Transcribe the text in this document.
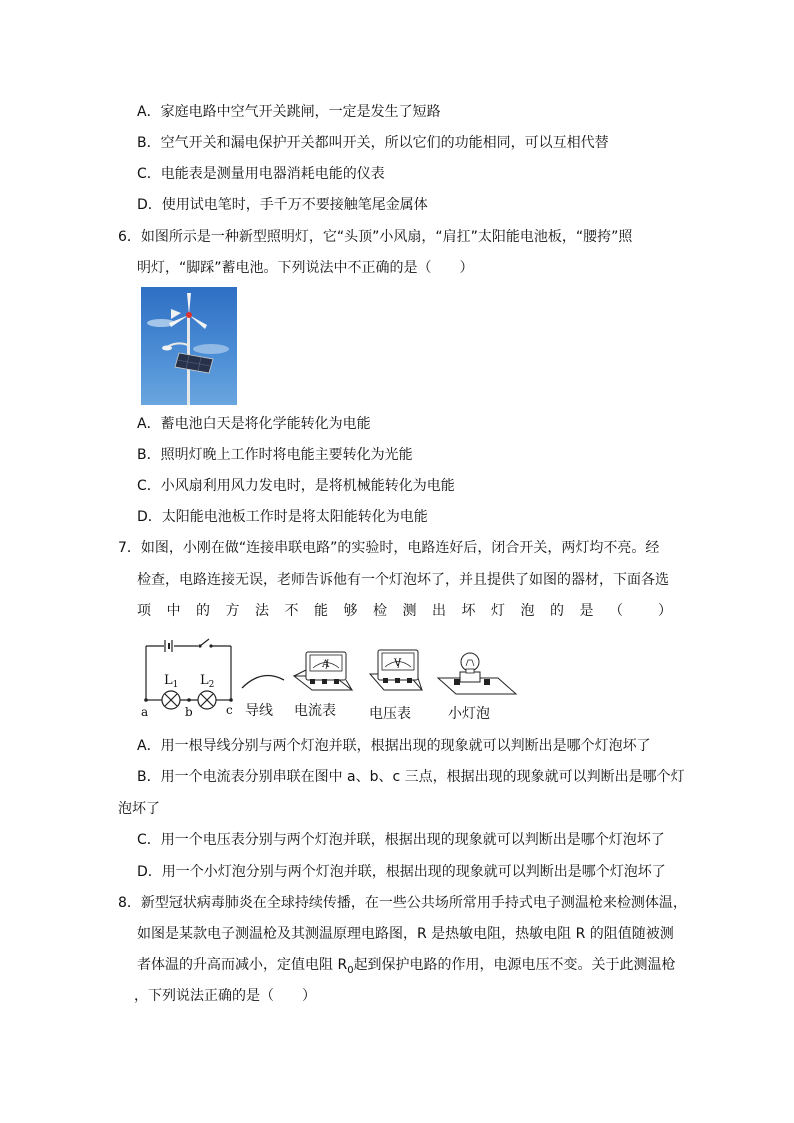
A．家庭电路中空气开关跳闸，一定是发生了短路
B．空气开关和漏电保护开关都叫开关，所以它们的功能相同，可以互相代替
C．电能表是测量用电器消耗电能的仪表
D．使用试电笔时，手千万不要接触笔尾金属体
6．如图所示是一种新型照明灯，它“头顶”小风扇，“肩扛”太阳能电池板，“腰挎”照
明灯，“脚踩”蓄电池。下列说法中不正确的是（　　）
A．蓄电池白天是将化学能转化为电能
B．照明灯晚上工作时将电能主要转化为光能
C．小风扇利用风力发电时，是将机械能转化为电能
D．太阳能电池板工作时是将太阳能转化为电能
7．如图，小刚在做“连接串联电路”的实验时，电路连好后，闭合开关，两灯均不亮。经
检查，电路连接无误，老师告诉他有一个灯泡坏了，并且提供了如图的器材，下面各选
项中的方法不能够检测出坏灯泡的是（ ）
$L_1$ $L_2$
a	b	c
A	V
导线 电流表 电压表	小灯泡
A．用一根导线分别与两个灯泡并联，根据出现的现象就可以判断出是哪个灯泡坏了
B．用一个电流表分别串联在图中 a、b、c 三点，根据出现的现象就可以判断出是哪个灯
泡坏了
C．用一个电压表分别与两个灯泡并联，根据出现的现象就可以判断出是哪个灯泡坏了
D．用一个小灯泡分别与两个灯泡并联，根据出现的现象就可以判断出是哪个灯泡坏了
8．新型冠状病毒肺炎在全球持续传播，在一些公共场所常用手持式电子测温枪来检测体温，
如图是某款电子测温枪及其测温原理电路图，R 是热敏电阻，热敏电阻 R 的阻值随被测
者体温的升高而减小，定值电阻 $R_0$起到保护电路的作用，电源电压不变。关于此测温枪
，下列说法正确的是（　　）
